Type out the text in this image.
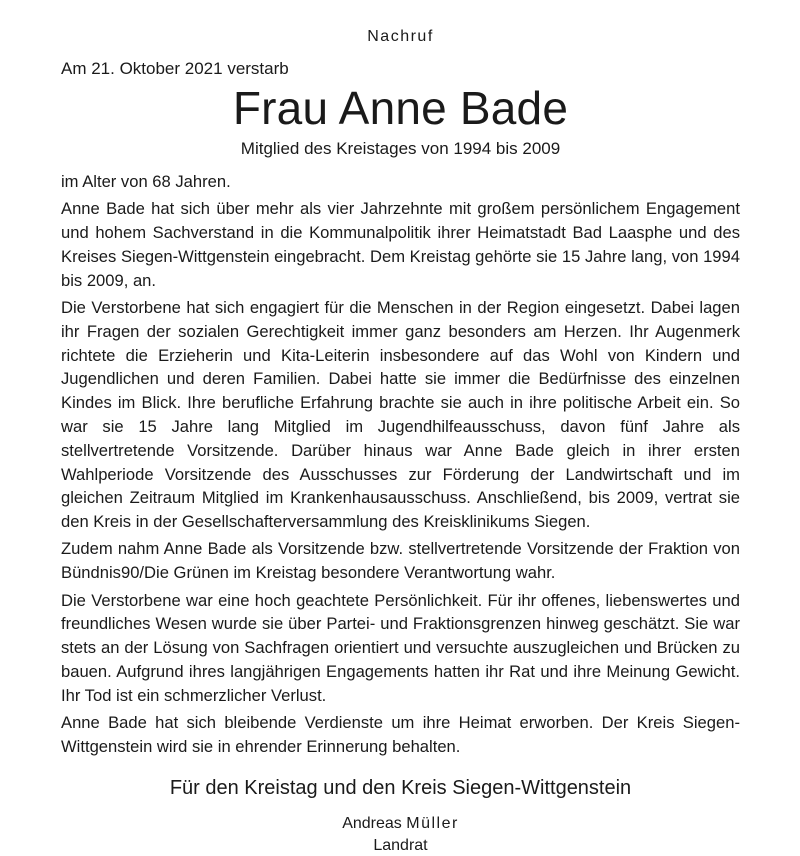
Nachruf
Am 21. Oktober 2021 verstarb
Frau Anne Bade
Mitglied des Kreistages von 1994 bis 2009

im Alter von 68 Jahren.

Anne Bade hat sich über mehr als vier Jahrzehnte mit großem persönlichem Engagement und hohem Sachverstand in die Kommunalpolitik ihrer Heimatstadt Bad Laasphe und des Kreises Siegen-Wittgenstein eingebracht. Dem Kreistag gehörte sie 15 Jahre lang, von 1994 bis 2009, an.

Die Verstorbene hat sich engagiert für die Menschen in der Region eingesetzt. Dabei lagen ihr Fragen der sozialen Gerechtigkeit immer ganz besonders am Herzen. Ihr Augenmerk richtete die Erzieherin und Kita-Leiterin insbesondere auf das Wohl von Kindern und Jugendlichen und deren Familien. Dabei hatte sie immer die Bedürfnisse des einzelnen Kindes im Blick. Ihre berufliche Erfahrung brachte sie auch in ihre politische Arbeit ein. So war sie 15 Jahre lang Mitglied im Jugendhilfeausschuss, davon fünf Jahre als stellvertretende Vorsitzende. Darüber hinaus war Anne Bade gleich in ihrer ersten Wahlperiode Vorsitzende des Ausschusses zur Förderung der Landwirtschaft und im gleichen Zeitraum Mitglied im Krankenhausausschuss. Anschließend, bis 2009, vertrat sie den Kreis in der Gesellschafterversammlung des Kreisklinikums Siegen.

Zudem nahm Anne Bade als Vorsitzende bzw. stellvertretende Vorsitzende der Fraktion von Bündnis90/Die Grünen im Kreistag besondere Verantwortung wahr.

Die Verstorbene war eine hoch geachtete Persönlichkeit. Für ihr offenes, liebenswertes und freundliches Wesen wurde sie über Partei- und Fraktionsgrenzen hinweg geschätzt. Sie war stets an der Lösung von Sachfragen orientiert und versuchte auszugleichen und Brücken zu bauen. Aufgrund ihres langjährigen Engagements hatten ihr Rat und ihre Meinung Gewicht. Ihr Tod ist ein schmerzlicher Verlust.

Anne Bade hat sich bleibende Verdienste um ihre Heimat erworben. Der Kreis Siegen-Wittgenstein wird sie in ehrender Erinnerung behalten.

Für den Kreistag und den Kreis Siegen-Wittgenstein
Andreas Müller
Landrat
